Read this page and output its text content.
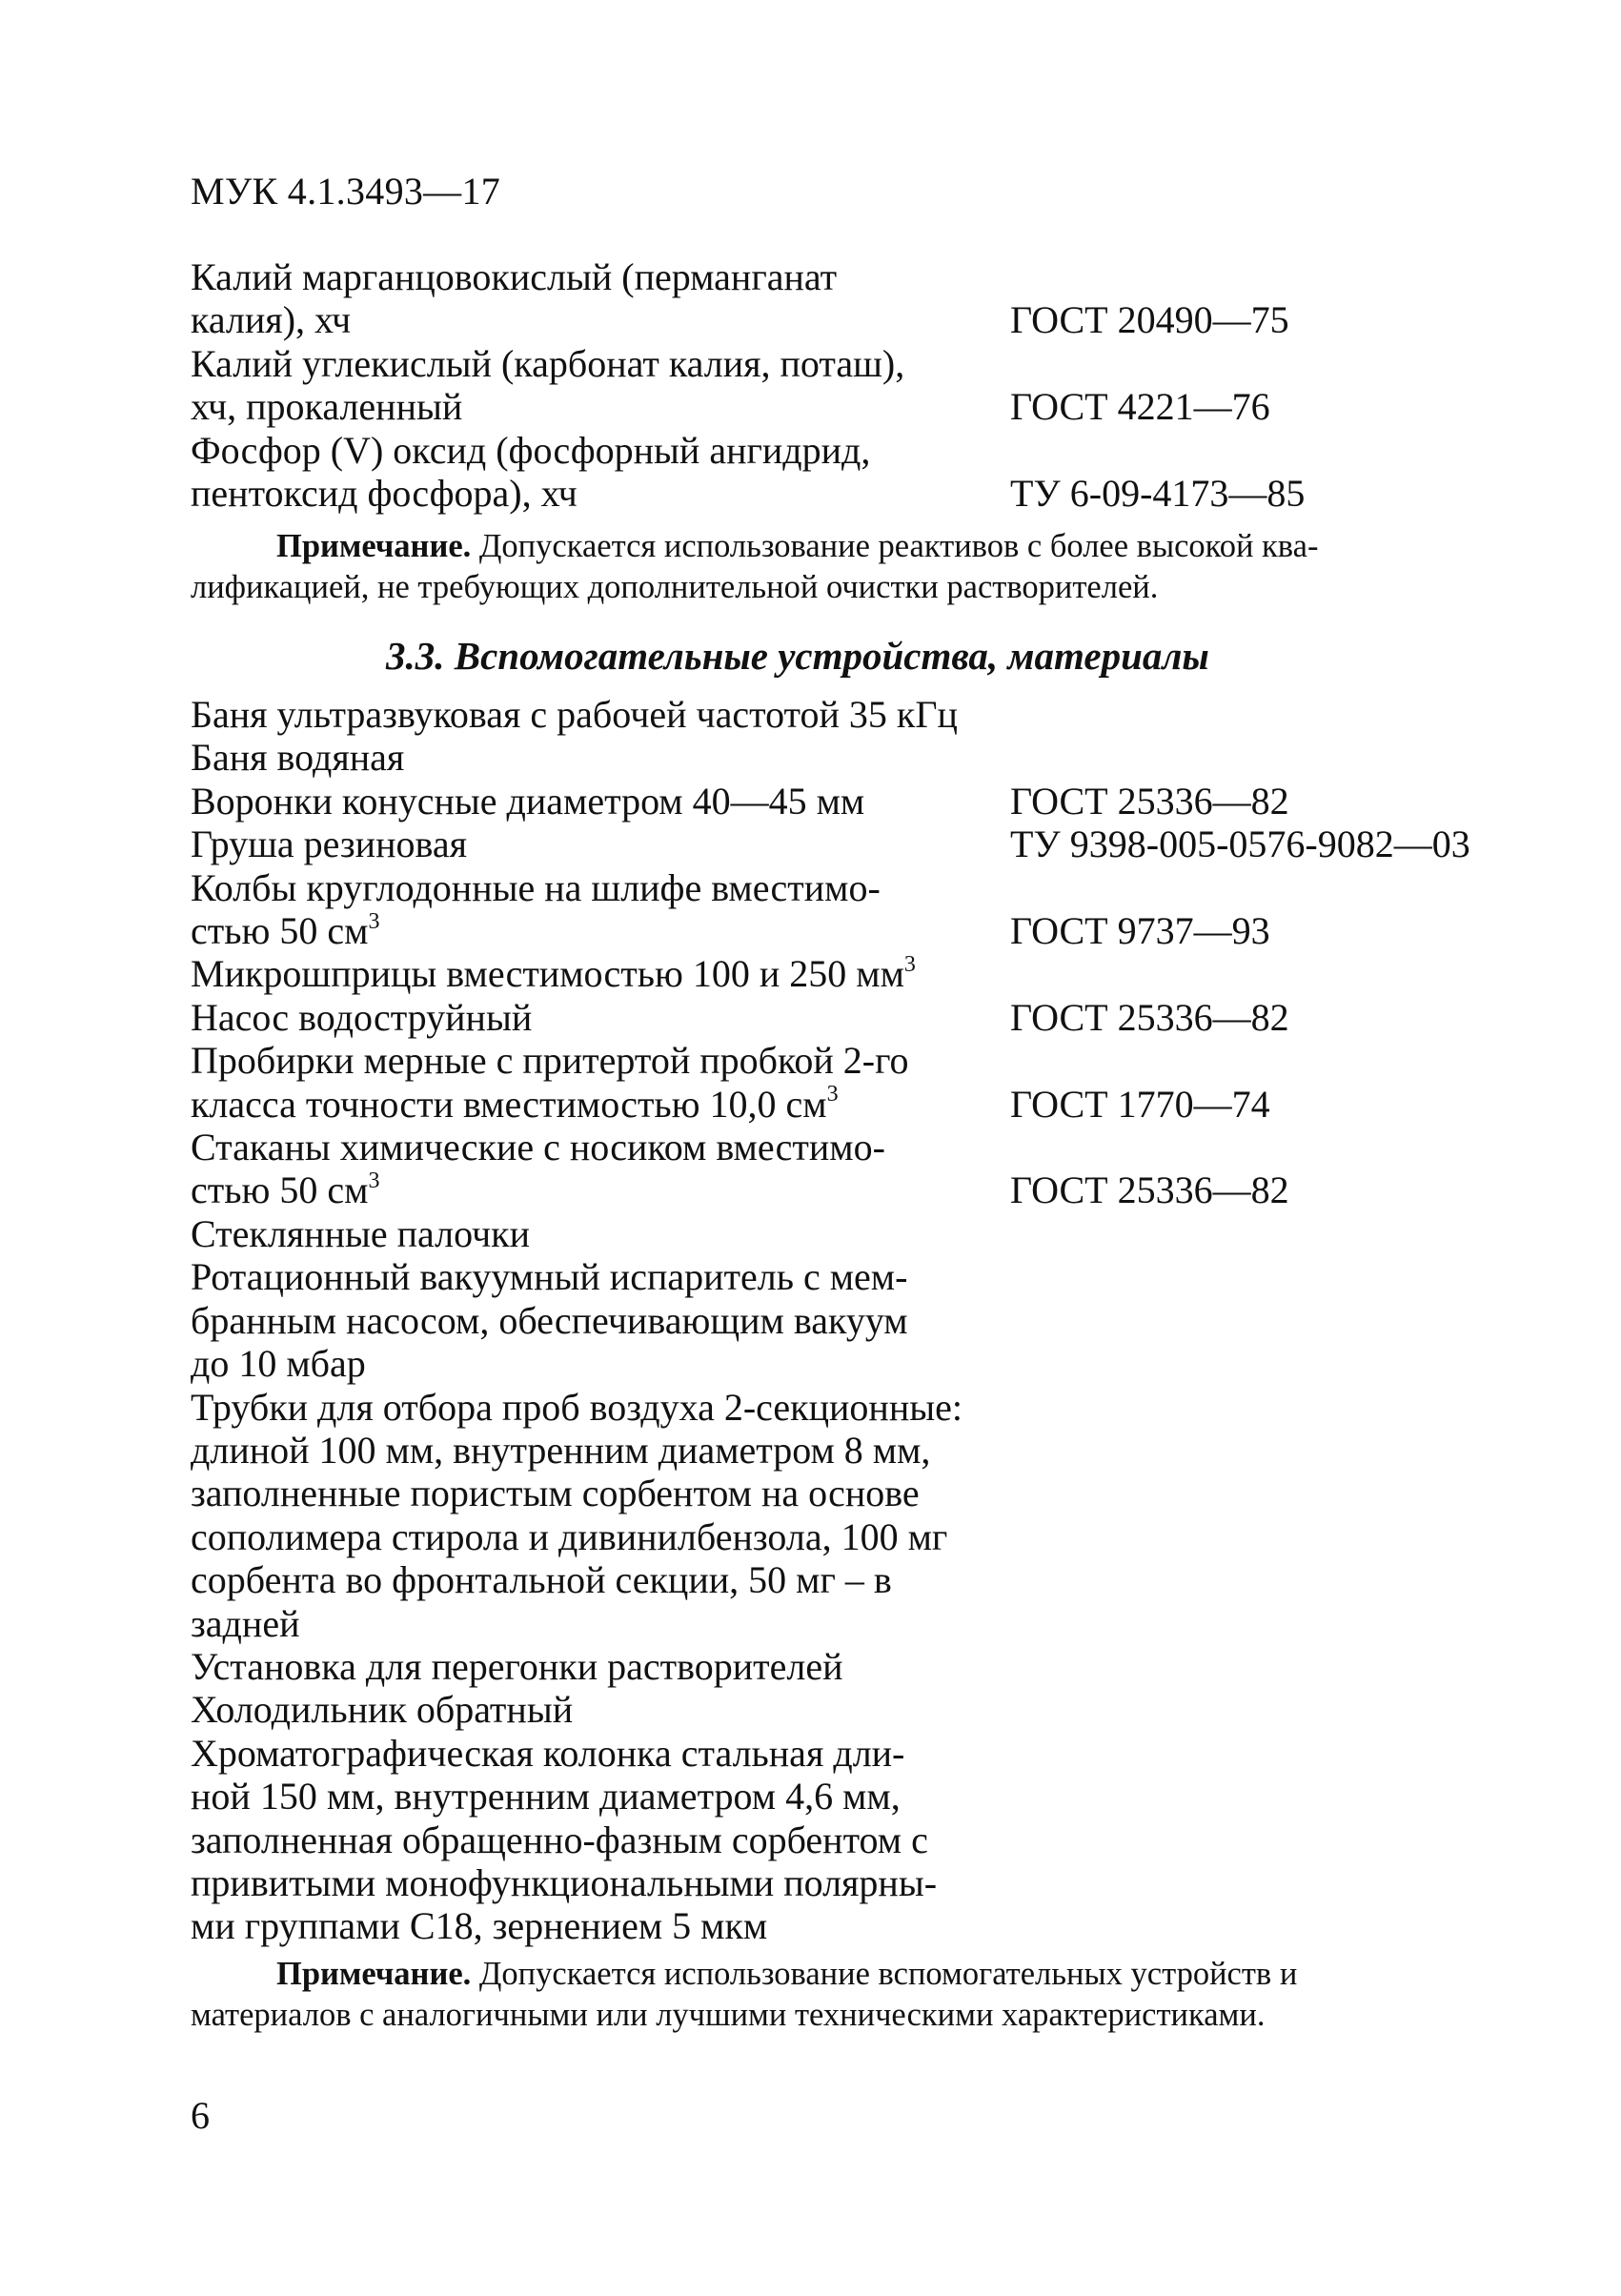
МУК 4.1.3493—17
Калий марганцовокислый (перманганат
калия), хч	ГОСТ 20490—75
Калий углекислый (карбонат калия, поташ),
хч, прокаленный	ГОСТ 4221—76
Фосфор (V) оксид (фосфорный ангидрид,
пентоксид фосфора), хч	ТУ 6-09-4173—85

Примечание. Допускается использование реактивов с более высокой ква-

лификацией, не требующих дополнительной очистки растворителей.

3.3. Вспомогательные устройства, материалы
Баня ультразвуковая с рабочей частотой 35 кГц
Баня водяная
Воронки конусные диаметром 40—45 мм	ГОСТ 25336—82
Груша резиновая	ТУ 9398-005-0576-9082—03
Колбы круглодонные на шлифе вместимо-
стью 50 $см^3$	ГОСТ 9737—93
Микрошприцы вместимостью 100 и 250 $мм^3$
Насос водоструйный	ГОСТ 25336—82
Пробирки мерные с притертой пробкой 2-го
класса точности вместимостью 10,0 $см^3$	ГОСТ 1770—74
Стаканы химические с носиком вместимо-
стью 50 $см^3$	ГОСТ 25336—82
Стеклянные палочки
Ротационный вакуумный испаритель с мем-
бранным насосом, обеспечивающим вакуум
до 10 мбар
Трубки для отбора проб воздуха 2-секционные:
длиной 100 мм, внутренним диаметром 8 мм,
заполненные пористым сорбентом на основе
сополимера стирола и дивинилбензола, 100 мг
сорбента во фронтальной секции, 50 мг – в
задней
Установка для перегонки растворителей
Холодильник обратный
Хроматографическая колонка стальная дли-
ной 150 мм, внутренним диаметром 4,6 мм,
заполненная обращенно-фазным сорбентом с
привитыми монофункциональными полярны-
ми группами С18, зернением 5 мкм

Примечание. Допускается использование вспомогательных устройств и

материалов с аналогичными или лучшими техническими характеристиками.

6
